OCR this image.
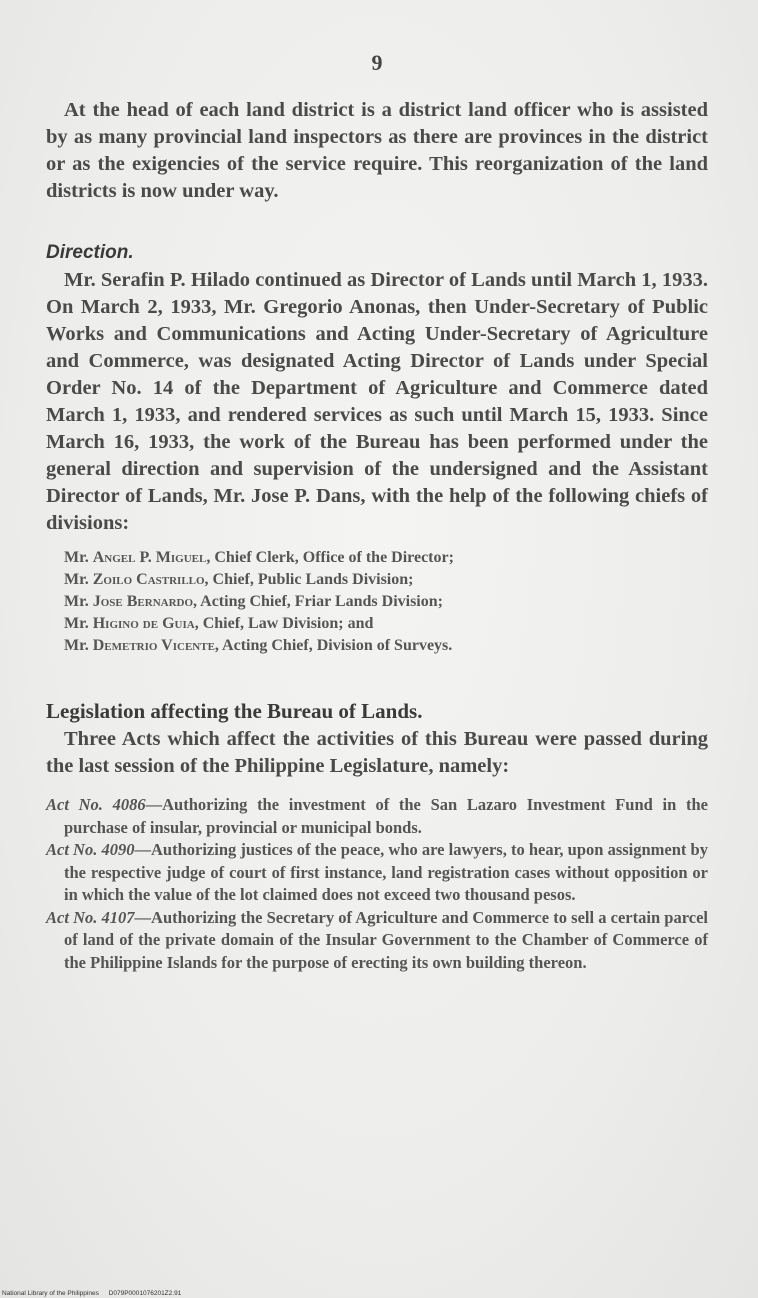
9

At the head of each land district is a district land officer who is assisted by as many provincial land inspectors as there are provinces in the district or as the exigencies of the service require. This reorganization of the land districts is now under way.

Direction.

Mr. Serafin P. Hilado continued as Director of Lands until March 1, 1933. On March 2, 1933, Mr. Gregorio Anonas, then Under-Secretary of Public Works and Communications and Acting Under-Secretary of Agriculture and Commerce, was designated Acting Director of Lands under Special Order No. 14 of the Department of Agriculture and Commerce dated March 1, 1933, and rendered services as such until March 15, 1933. Since March 16, 1933, the work of the Bureau has been performed under the general direction and supervision of the undersigned and the Assistant Director of Lands, Mr. Jose P. Dans, with the help of the following chiefs of divisions:

Mr. Angel P. Miguel, Chief Clerk, Office of the Director;
Mr. Zoilo Castrillo, Chief, Public Lands Division;
Mr. Jose Bernardo, Acting Chief, Friar Lands Division;
Mr. Higino de Guia, Chief, Law Division; and
Mr. Demetrio Vicente, Acting Chief, Division of Surveys.

Legislation affecting the Bureau of Lands.

Three Acts which affect the activities of this Bureau were passed during the last session of the Philippine Legislature, namely:

Act No. 4086—Authorizing the investment of the San Lazaro Investment Fund in the purchase of insular, provincial or municipal bonds.
Act No. 4090—Authorizing justices of the peace, who are lawyers, to hear, upon assignment by the respective judge of court of first instance, land registration cases without opposition or in which the value of the lot claimed does not exceed two thousand pesos.
Act No. 4107—Authorizing the Secretary of Agriculture and Commerce to sell a certain parcel of land of the private domain of the Insular Government to the Chamber of Commerce of the Philippine Islands for the purpose of erecting its own building thereon.
National Library of the Philippines D079P0001076201Z2.91
